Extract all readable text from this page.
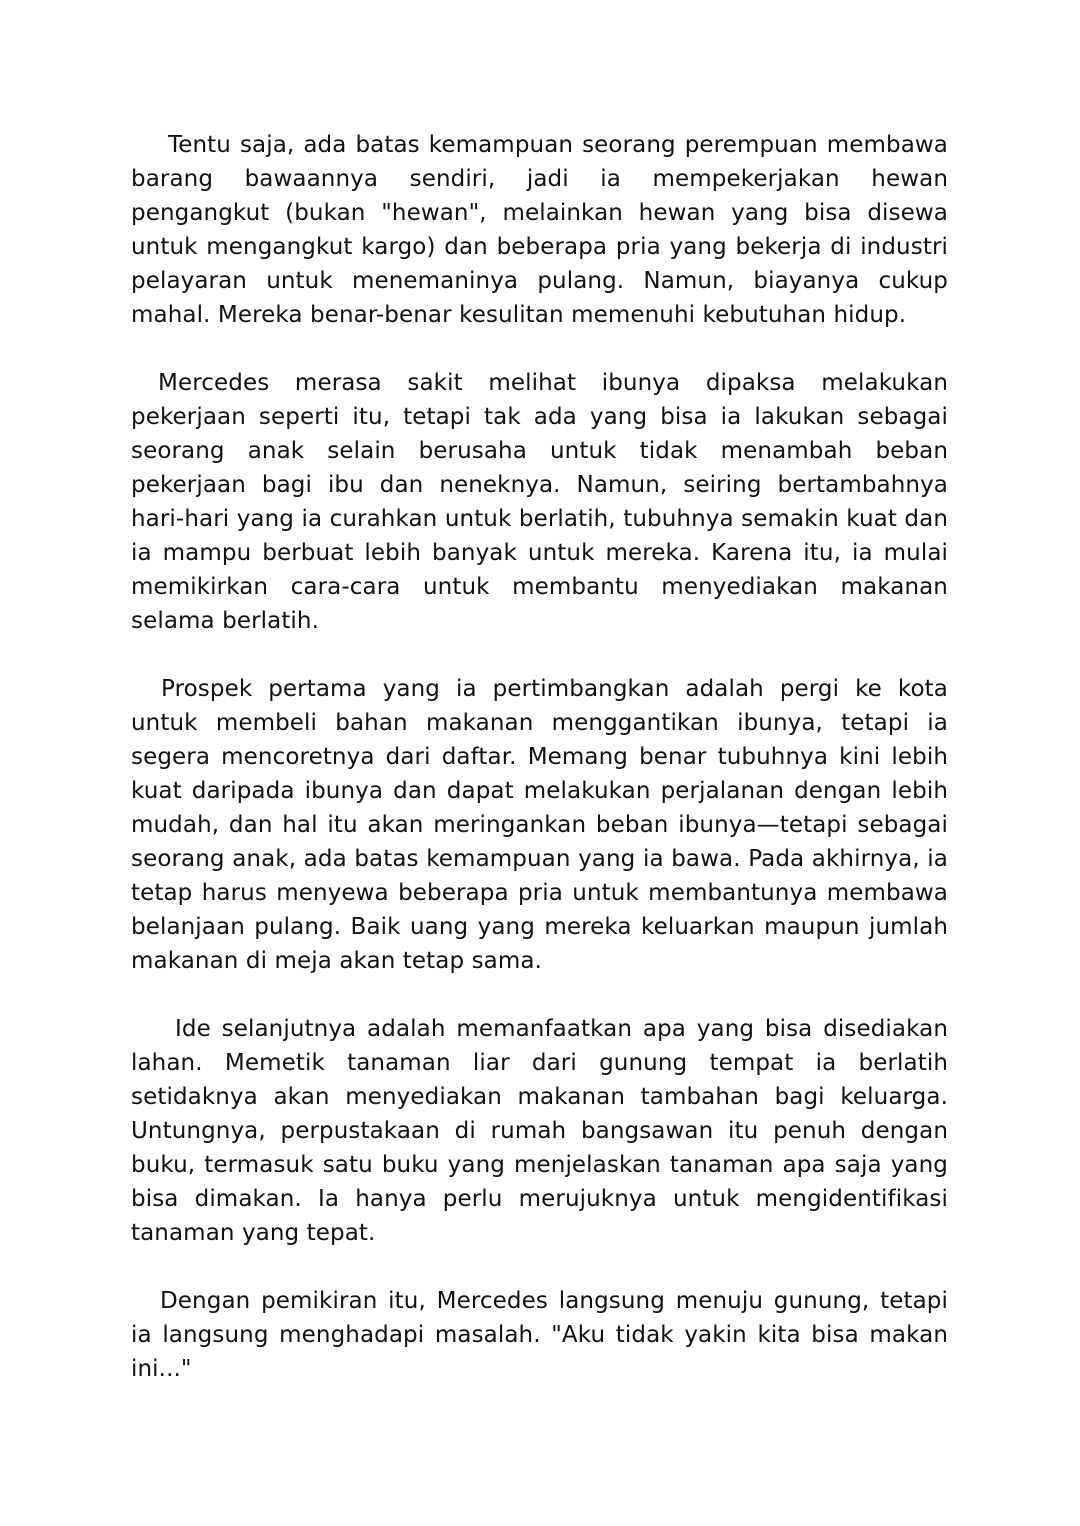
Tentu saja, ada batas kemampuan seorang perempuan membawa barang bawaannya sendiri, jadi ia mempekerjakan hewan pengangkut (bukan "hewan", melainkan hewan yang bisa disewa untuk mengangkut kargo) dan beberapa pria yang bekerja di industri pelayaran untuk menemaninya pulang. Namun, biayanya cukup mahal. Mereka benar-benar kesulitan memenuhi kebutuhan hidup.

Mercedes merasa sakit melihat ibunya dipaksa melakukan pekerjaan seperti itu, tetapi tak ada yang bisa ia lakukan sebagai seorang anak selain berusaha untuk tidak menambah beban pekerjaan bagi ibu dan neneknya. Namun, seiring bertambahnya hari-hari yang ia curahkan untuk berlatih, tubuhnya semakin kuat dan ia mampu berbuat lebih banyak untuk mereka. Karena itu, ia mulai memikirkan cara-cara untuk membantu menyediakan makanan selama berlatih.

Prospek pertama yang ia pertimbangkan adalah pergi ke kota untuk membeli bahan makanan menggantikan ibunya, tetapi ia segera mencoretnya dari daftar. Memang benar tubuhnya kini lebih kuat daripada ibunya dan dapat melakukan perjalanan dengan lebih mudah, dan hal itu akan meringankan beban ibunya—tetapi sebagai seorang anak, ada batas kemampuan yang ia bawa. Pada akhirnya, ia tetap harus menyewa beberapa pria untuk membantunya membawa belanjaan pulang. Baik uang yang mereka keluarkan maupun jumlah makanan di meja akan tetap sama.

Ide selanjutnya adalah memanfaatkan apa yang bisa disediakan lahan. Memetik tanaman liar dari gunung tempat ia berlatih setidaknya akan menyediakan makanan tambahan bagi keluarga. Untungnya, perpustakaan di rumah bangsawan itu penuh dengan buku, termasuk satu buku yang menjelaskan tanaman apa saja yang bisa dimakan. Ia hanya perlu merujuknya untuk mengidentifikasi tanaman yang tepat.

Dengan pemikiran itu, Mercedes langsung menuju gunung, tetapi ia langsung menghadapi masalah. "Aku tidak yakin kita bisa makan ini..."
